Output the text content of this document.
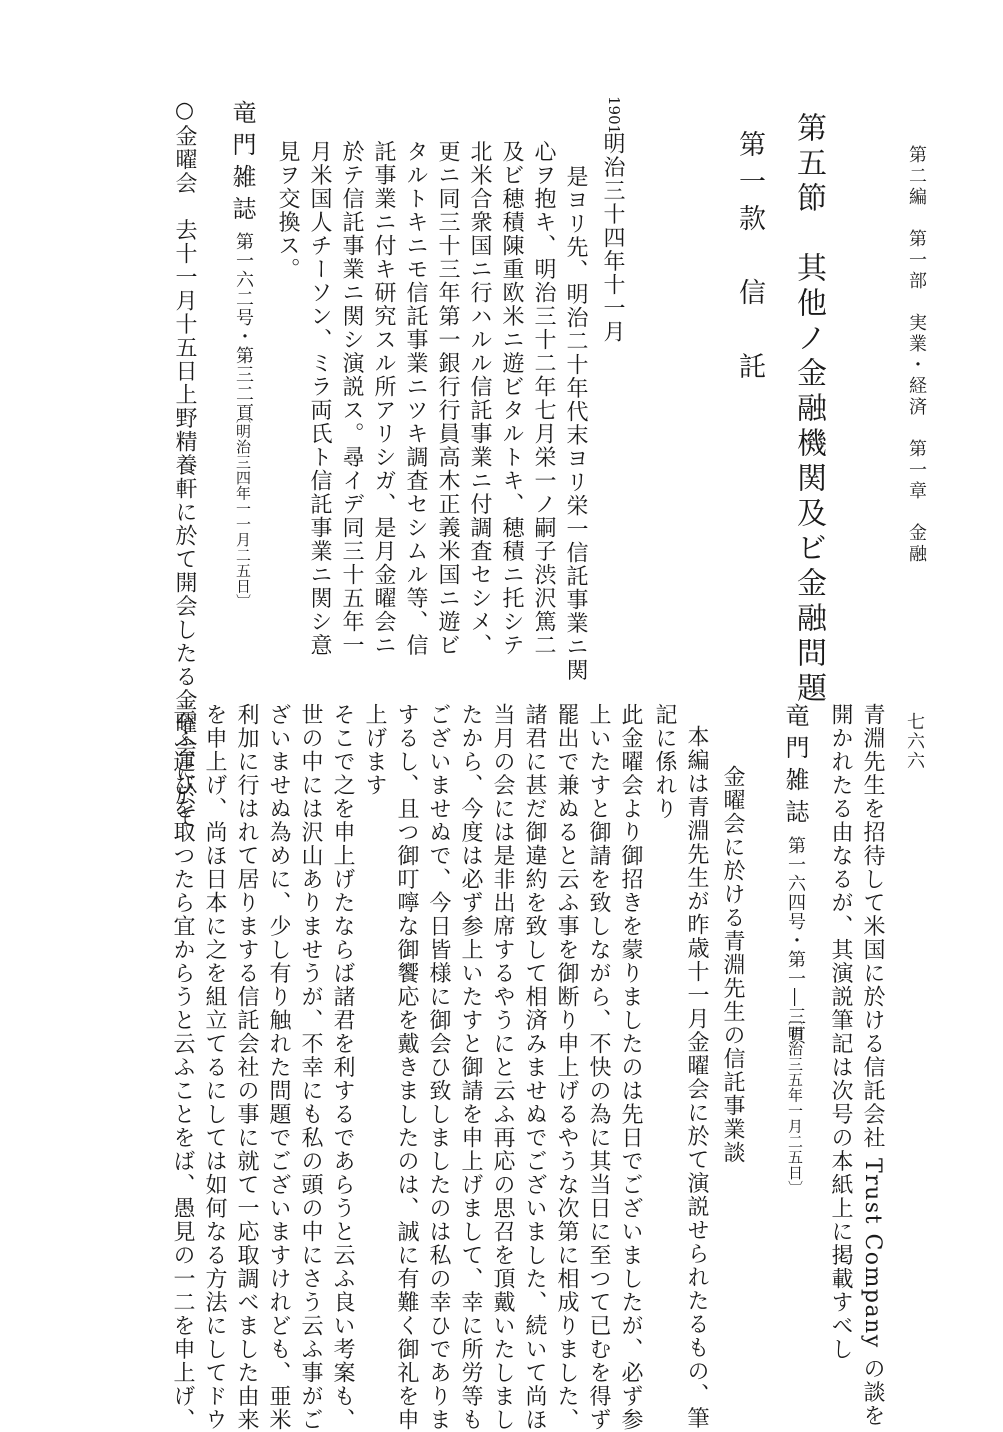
第二編　第一部　実業・経済　第一章　金融
第五節　其他ノ金融機関及ビ金融問題
第一款　信　託
1901
明治三十四年十一月
是ヨリ先、明治二十年代末ヨリ栄一信託事業ニ関
心ヲ抱キ、明治三十二年七月栄一ノ嗣子渋沢篤二
及ビ穂積陳重欧米ニ遊ビタルトキ、穂積ニ托シテ
北米合衆国ニ行ハルル信託事業ニ付調査セシメ、
更ニ同三十三年第一銀行行員高木正義米国ニ遊ビ
タルトキニモ信託事業ニツキ調査セシムル等、信
託事業ニ付キ研究スル所アリシガ、是月金曜会ニ
於テ信託事業ニ関シ演説ス。尋イデ同三十五年一
月米国人チーソン、ミラ両氏ト信託事業ニ関シ意
見ヲ交換ス。
竜門雑誌
第一六二号・第三二頁
〔明治三四年一一月二五日〕
○金曜会　去十一月十五日上野精養軒に於て開会したる金曜会に於て	七六六
青淵先生を招待して米国に於ける信託会社 Trust Company の談を
開かれたる由なるが、其演説筆記は次号の本紙上に掲載すべし
竜門雑誌
第一六四号・第一―三頁
〔明治三五年一月二五日〕
金曜会に於ける青淵先生の信託事業談
本編は青淵先生が昨歳十一月金曜会に於て演説せられたるもの、筆
記に係れり
此金曜会より御招きを蒙りましたのは先日でございましたが、必ず参
上いたすと御請を致しながら、不快の為に其当日に至つて已むを得ず
罷出で兼ぬると云ふ事を御断り申上げるやうな次第に相成りました、
諸君に甚だ御違約を致して相済みませぬでございました、続いて尚ほ
当月の会には是非出席するやうにと云ふ再応の思召を頂戴いたしまし
たから、今度は必ず参上いたすと御請を申上げまして、幸に所労等も
ございませぬで、今日皆様に御会ひ致しましたのは私の幸ひでありま
するし、且つ御叮嚀な御饗応を戴きましたのは、誠に有難く御礼を申
上げます
そこで之を申上げたならば諸君を利するであらうと云ふ良い考案も、
世の中には沢山ありませうが、不幸にも私の頭の中にさう云ふ事がご
ざいませぬ為めに、少し有り触れた問題でございますけれども、亜米
利加に行はれて居りまする信託会社の事に就て一応取調べました由来
を申上げ、尚ほ日本に之を組立てるにしては如何なる方法にしてドウ
云ふ運びを取つたら宜からうと云ふことをば、愚見の一二を申上げ、
